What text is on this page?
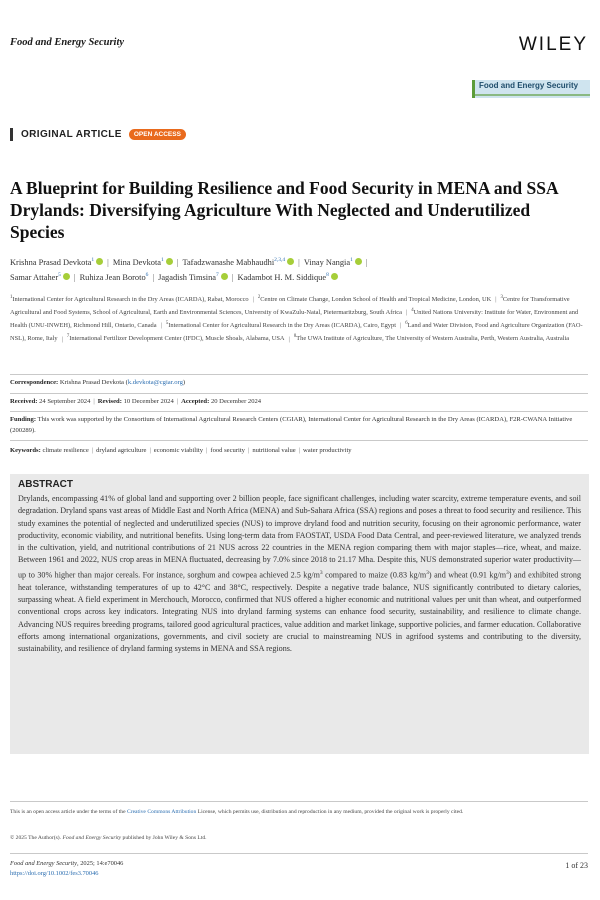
Food and Energy Security	WILEY
Food and Energy Security
ORIGINAL ARTICLE	OPEN ACCESS
A Blueprint for Building Resilience and Food Security in MENA and SSA Drylands: Diversifying Agriculture With Neglected and Underutilized Species
Krishna Prasad Devkota$^1$ | Mina Devkota$^1$ | Tafadzwanashe Mabhaudhi$^{2,3,4}$ | Vinay Nangia$^1$ |
Samar Attaher$^5$ | Ruhiza Jean Boroto$^6$ | Jagadish Timsina$^7$ | Kadambot H. M. Siddique$^8$
$^1$International Center for Agricultural Research in the Dry Areas (ICARDA), Rabat, Morocco | $^2$Centre on Climate Change, London School of Health and Tropical Medicine, London, UK | $^3$Centre for Transformative Agricultural and Food Systems, School of Agricultural, Earth and Environmental Sciences, University of KwaZulu-Natal, Pietermaritzburg, South Africa | $^4$United Nations University: Institute for Water, Environment and Health (UNU-INWEH), Richmond Hill, Ontario, Canada | $^5$International Center for Agricultural Research in the Dry Areas (ICARDA), Cairo, Egypt | $^6$Land and Water Division, Food and Agriculture Organization (FAO-NSL), Rome, Italy | $^7$International Fertilizer Development Center (IFDC), Muscle Shoals, Alabama, USA | $^8$The UWA Institute of Agriculture, The University of Western Australia, Perth, Western Australia, Australia
Correspondence: Krishna Prasad Devkota (k.devkota@cgiar.org)
Received: 24 September 2024 | Revised: 10 December 2024 | Accepted: 20 December 2024
Funding: This work was supported by the Consortium of International Agricultural Research Centers (CGIAR), International Center for Agricultural Research in the Dry Areas (ICARDA), F2R-CWANA Initiative (200289).
Keywords: climate resilience | dryland agriculture | economic viability | food security | nutritional value | water productivity
ABSTRACT

Drylands, encompassing 41% of global land and supporting over 2 billion people, face significant challenges, including water scarcity, extreme temperature events, and soil degradation. Dryland spans vast areas of Middle East and North Africa (MENA) and Sub-Sahara Africa (SSA) regions and poses a threat to food security and resilience. This study examines the potential of neglected and underutilized species (NUS) to improve dryland food and nutrition security, focusing on their agronomic performance, water productivity, economic viability, and nutritional benefits. Using long-term data from FAOSTAT, USDA Food Data Central, and peer-reviewed literature, we analyzed trends in the cultivation, yield, and nutritional contributions of 21 NUS across 22 countries in the MENA region comparing them with major staples—rice, wheat, and maize. Between 1961 and 2022, NUS crop areas in MENA fluctuated, decreasing by 7.0% since 2018 to 21.17 Mha. Despite this, NUS demonstrated superior water productivity—up to 30% higher than major cereals. For instance, sorghum and cowpea achieved 2.5 $kg/m^3$ compared to maize (0.83 $kg/m^3$) and wheat (0.91 $kg/m^3$) and exhibited strong heat tolerance, withstanding temperatures of up to 42°C and 38°C, respectively. Despite a negative trade balance, NUS significantly contributed to dietary calories, surpassing wheat. A field experiment in Merchouch, Morocco, confirmed that NUS offered a higher economic and nutritional values per unit than wheat, and outperformed conventional crops across key indicators. Integrating NUS into dryland farming systems can enhance food security, sustainability, and resilience to climate change. Advancing NUS requires breeding programs, tailored good agricultural practices, value addition and market linkage, supportive policies, and farmer education. Collaborative efforts among international organizations, governments, and civil society are crucial to mainstreaming NUS in agrifood systems and contributing to the diversity, sustainability, and resilience of dryland farming systems in MENA and SSA regions.

This is an open access article under the terms of the Creative Commons Attribution License, which permits use, distribution and reproduction in any medium, provided the original work is properly cited.
© 2025 The Author(s). Food and Energy Security published by John Wiley & Sons Ltd.
Food and Energy Security, 2025; 14:e70046
https://doi.org/10.1002/fes3.70046
1 of 23
